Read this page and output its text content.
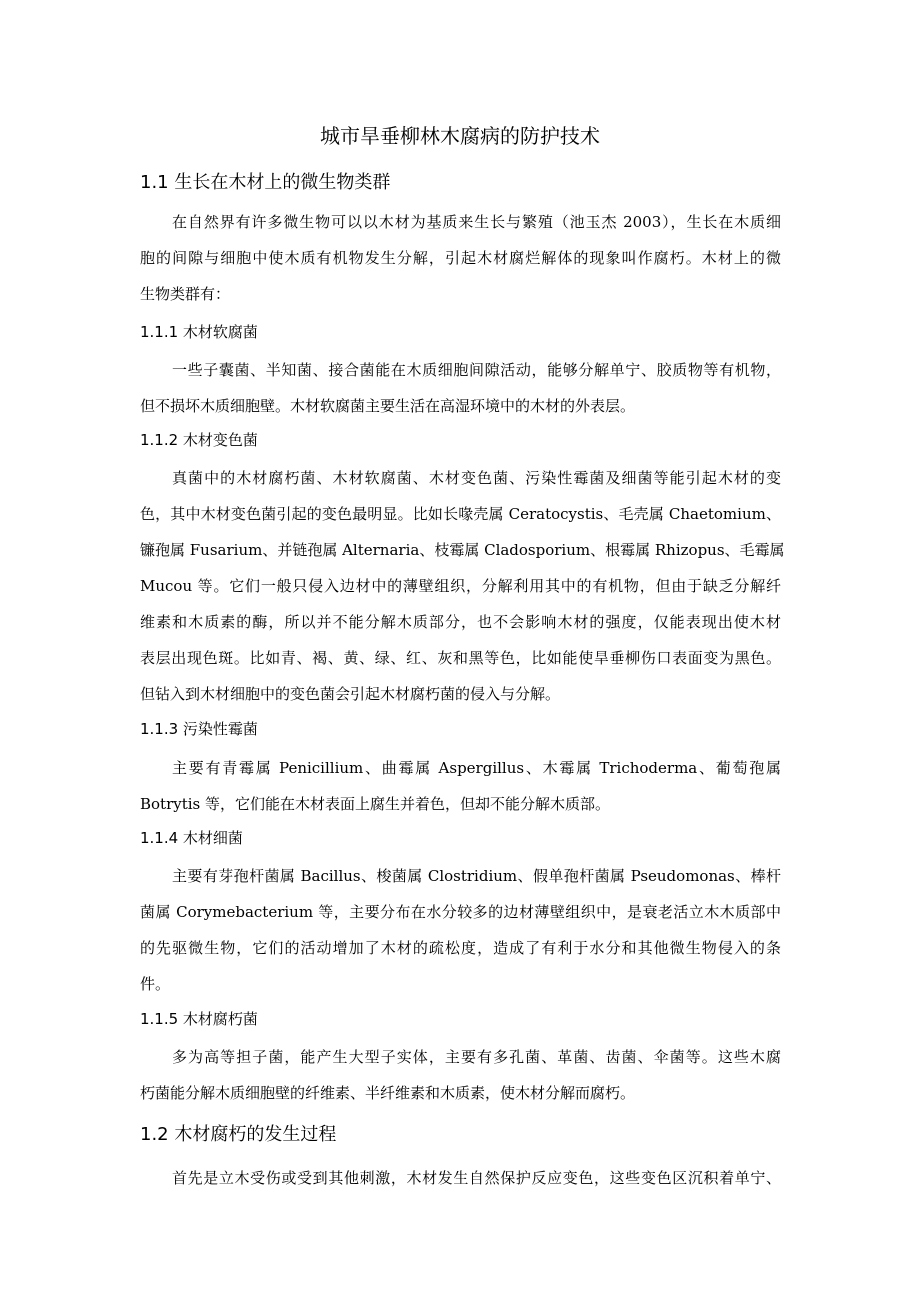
城市旱垂柳林木腐病的防护技术
1.1 生长在木材上的微生物类群
在自然界有许多微生物可以以木材为基质来生长与繁殖（池玉杰 2003），生长在木质细
胞的间隙与细胞中使木质有机物发生分解，引起木材腐烂解体的现象叫作腐朽。木材上的微
生物类群有：
1.1.1 木材软腐菌
一些子囊菌、半知菌、接合菌能在木质细胞间隙活动，能够分解单宁、胶质物等有机物，
但不损坏木质细胞壁。木材软腐菌主要生活在高湿环境中的木材的外表层。
1.1.2 木材变色菌
真菌中的木材腐朽菌、木材软腐菌、木材变色菌、污染性霉菌及细菌等能引起木材的变
色，其中木材变色菌引起的变色最明显。比如长喙壳属 Ceratocystis、毛壳属 Chaetomium、
镰孢属 Fusarium、并链孢属 Alternaria、枝霉属 Cladosporium、根霉属 Rhizopus、毛霉属
Mucou 等。它们一般只侵入边材中的薄壁组织，分解利用其中的有机物，但由于缺乏分解纤
维素和木质素的酶，所以并不能分解木质部分，也不会影响木材的强度，仅能表现出使木材
表层出现色斑。比如青、褐、黄、绿、红、灰和黑等色，比如能使旱垂柳伤口表面变为黑色。
但钻入到木材细胞中的变色菌会引起木材腐朽菌的侵入与分解。
1.1.3 污染性霉菌
主要有青霉属 Penicillium、曲霉属 Aspergillus、木霉属 Trichoderma、葡萄孢属
Botrytis 等，它们能在木材表面上腐生并着色，但却不能分解木质部。
1.1.4 木材细菌
主要有芽孢杆菌属 Bacillus、梭菌属 Clostridium、假单孢杆菌属 Pseudomonas、棒杆
菌属 Corymebacterium 等，主要分布在水分较多的边材薄壁组织中，是衰老活立木木质部中
的先驱微生物，它们的活动增加了木材的疏松度，造成了有利于水分和其他微生物侵入的条
件。
1.1.5 木材腐朽菌
多为高等担子菌，能产生大型子实体，主要有多孔菌、革菌、齿菌、伞菌等。这些木腐
朽菌能分解木质细胞壁的纤维素、半纤维素和木质素，使木材分解而腐朽。
1.2 木材腐朽的发生过程
首先是立木受伤或受到其他刺激，木材发生自然保护反应变色，这些变色区沉积着单宁、
